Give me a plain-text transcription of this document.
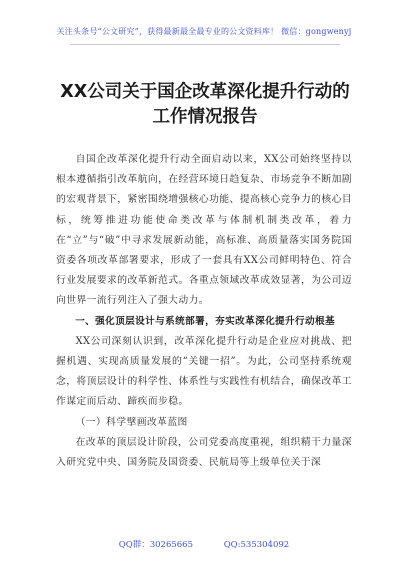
关注头条号“公文研究”，获得最新最全最专业的公文资料库！ 微信：gongwenyj
XX公司关于国企改革深化提升行动的
工作情况报告

自国企改革深化提升行动全面启动以来，XX公司始终坚持以根本遵循指引改革航向，在经营环境日趋复杂、市场竞争不断加剧的宏观背景下，紧密围绕增强核心功能、提高核心竞争力的核心目标，统筹推进功能使命类改革与体制机制类改革，着力在“立”与“破”中寻求发展新动能，高标准、高质量落实国务院国资委各项改革部署要求，形成了一套具有XX公司鲜明特色、符合行业发展要求的改革新范式。各重点领域改革成效显著，为公司迈向世界一流行列注入了强大动力。

一、强化顶层设计与系统部署，夯实改革深化提升行动根基

XX公司深刻认识到，改革深化提升行动是企业应对挑战、把握机遇、实现高质量发展的“关键一招”。为此，公司坚持系统观念，将顶层设计的科学性、体系性与实践性有机结合，确保改革工作谋定而后动、蹄疾而步稳。

（一）科学擘画改革蓝图

在改革的顶层设计阶段，公司党委高度重视，组织精干力量深入研究党中央、国务院及国资委、民航局等上级单位关于深

QQ群：30265665	QQ:535304092
